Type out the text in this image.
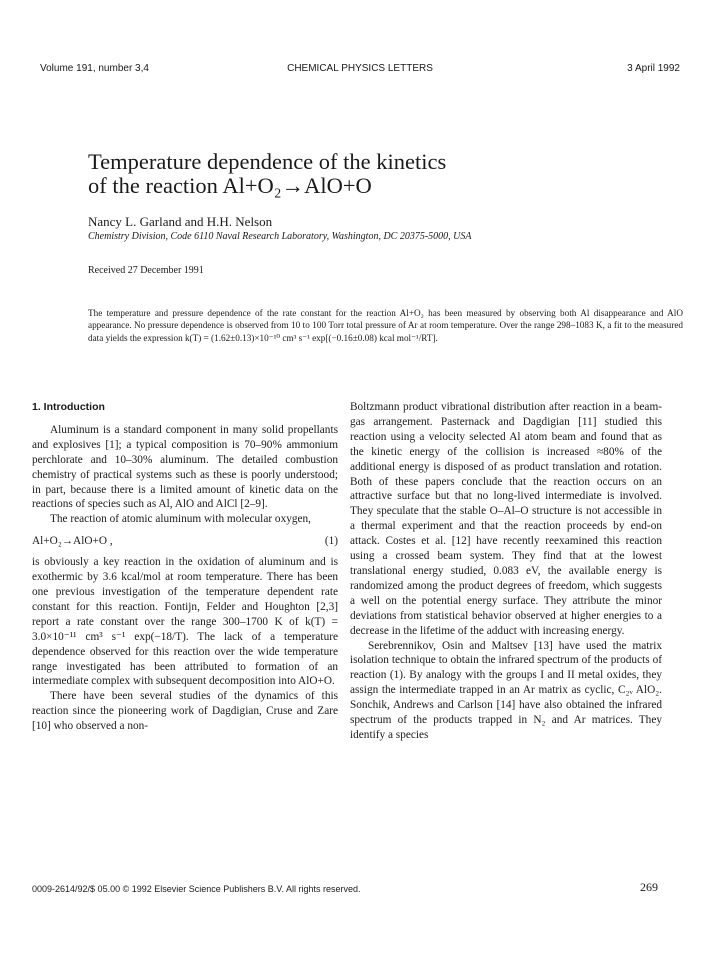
Volume 191, number 3,4	CHEMICAL PHYSICS LETTERS	3 April 1992
Temperature dependence of the kinetics
of the reaction Al+O₂→AlO+O
Nancy L. Garland and H.H. Nelson
Chemistry Division, Code 6110 Naval Research Laboratory, Washington, DC 20375-5000, USA
Received 27 December 1991
The temperature and pressure dependence of the rate constant for the reaction Al+O₂ has been measured by observing both Al disappearance and AlO appearance. No pressure dependence is observed from 10 to 100 Torr total pressure of Ar at room temperature. Over the range 298–1083 K, a fit to the measured data yields the expression k(T) = (1.62±0.13)×10⁻¹⁰ cm³ s⁻¹ exp[(−0.16±0.08) kcal mol⁻¹/RT].
1. Introduction

Aluminum is a standard component in many solid propellants and explosives [1]; a typical composition is 70–90% ammonium perchlorate and 10–30% aluminum. The detailed combustion chemistry of practical systems such as these is poorly understood; in part, because there is a limited amount of kinetic data on the reactions of species such as Al, AlO and AlCl [2–9].

The reaction of atomic aluminum with molecular oxygen,

Al+O₂→AlO+O ,	(1)

is obviously a key reaction in the oxidation of aluminum and is exothermic by 3.6 kcal/mol at room temperature. There has been one previous investigation of the temperature dependent rate constant for this reaction. Fontijn, Felder and Houghton [2,3] report a rate constant over the range 300–1700 K of k(T) = 3.0×10⁻¹¹ cm³ s⁻¹ exp(−18/T). The lack of a temperature dependence observed for this reaction over the wide temperature range investigated has been attributed to formation of an intermediate complex with subsequent decomposition into AlO+O.

There have been several studies of the dynamics of this reaction since the pioneering work of Dagdigian, Cruse and Zare [10] who observed a non-

Boltzmann product vibrational distribution after reaction in a beam-gas arrangement. Pasternack and Dagdigian [11] studied this reaction using a velocity selected Al atom beam and found that as the kinetic energy of the collision is increased ≈80% of the additional energy is disposed of as product translation and rotation. Both of these papers conclude that the reaction occurs on an attractive surface but that no long-lived intermediate is involved. They speculate that the stable O–Al–O structure is not accessible in a thermal experiment and that the reaction proceeds by end-on attack. Costes et al. [12] have recently reexamined this reaction using a crossed beam system. They find that at the lowest translational energy studied, 0.083 eV, the available energy is randomized among the product degrees of freedom, which suggests a well on the potential energy surface. They attribute the minor deviations from statistical behavior observed at higher energies to a decrease in the lifetime of the adduct with increasing energy.

Serebrennikov, Osin and Maltsev [13] have used the matrix isolation technique to obtain the infrared spectrum of the products of reaction (1). By analogy with the groups I and II metal oxides, they assign the intermediate trapped in an Ar matrix as cyclic, C₂ᵥ AlO₂. Sonchik, Andrews and Carlson [14] have also obtained the infrared spectrum of the products trapped in N₂ and Ar matrices. They identify a species

0009-2614/92/$ 05.00 © 1992 Elsevier Science Publishers B.V. All rights reserved.	269
